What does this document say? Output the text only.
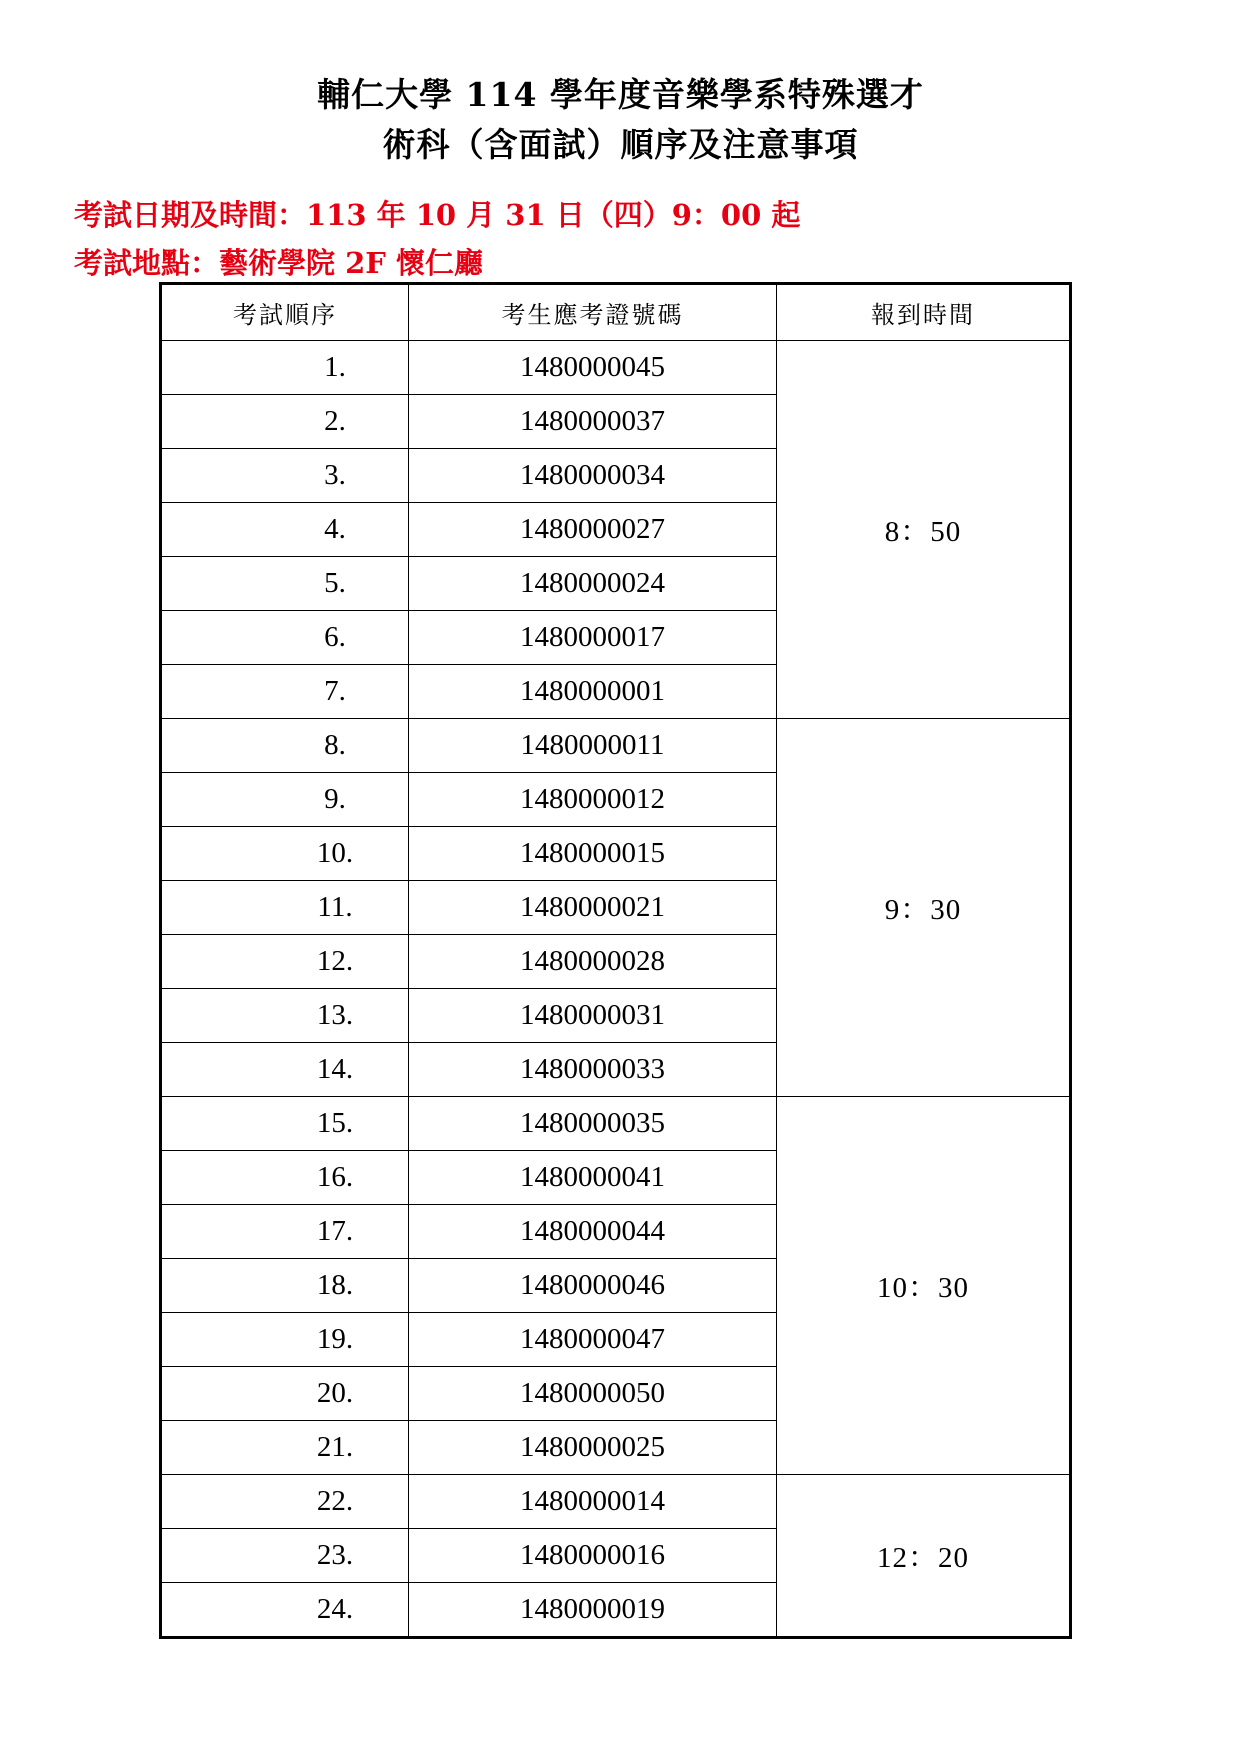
輔仁大學 114 學年度音樂學系特殊選才
術科（含面試）順序及注意事項
考試日期及時間：113 年 10 月 31 日（四）9：00 起
考試地點：藝術學院 2F 懷仁廳
考試順序	考生應考證號碼	報到時間
1.	1480000045	8：50
2.	1480000037	
3.	1480000034	
4.	1480000027	
5.	1480000024	
6.	1480000017	
7.	1480000001	
8.	1480000011	9：30
9.	1480000012	
10.	1480000015	
11.	1480000021	
12.	1480000028	
13.	1480000031	
14.	1480000033	
15.	1480000035	10：30
16.	1480000041	
17.	1480000044	
18.	1480000046	
19.	1480000047	
20.	1480000050	
21.	1480000025	
22.	1480000014	12：20
23.	1480000016	
24.	1480000019	
